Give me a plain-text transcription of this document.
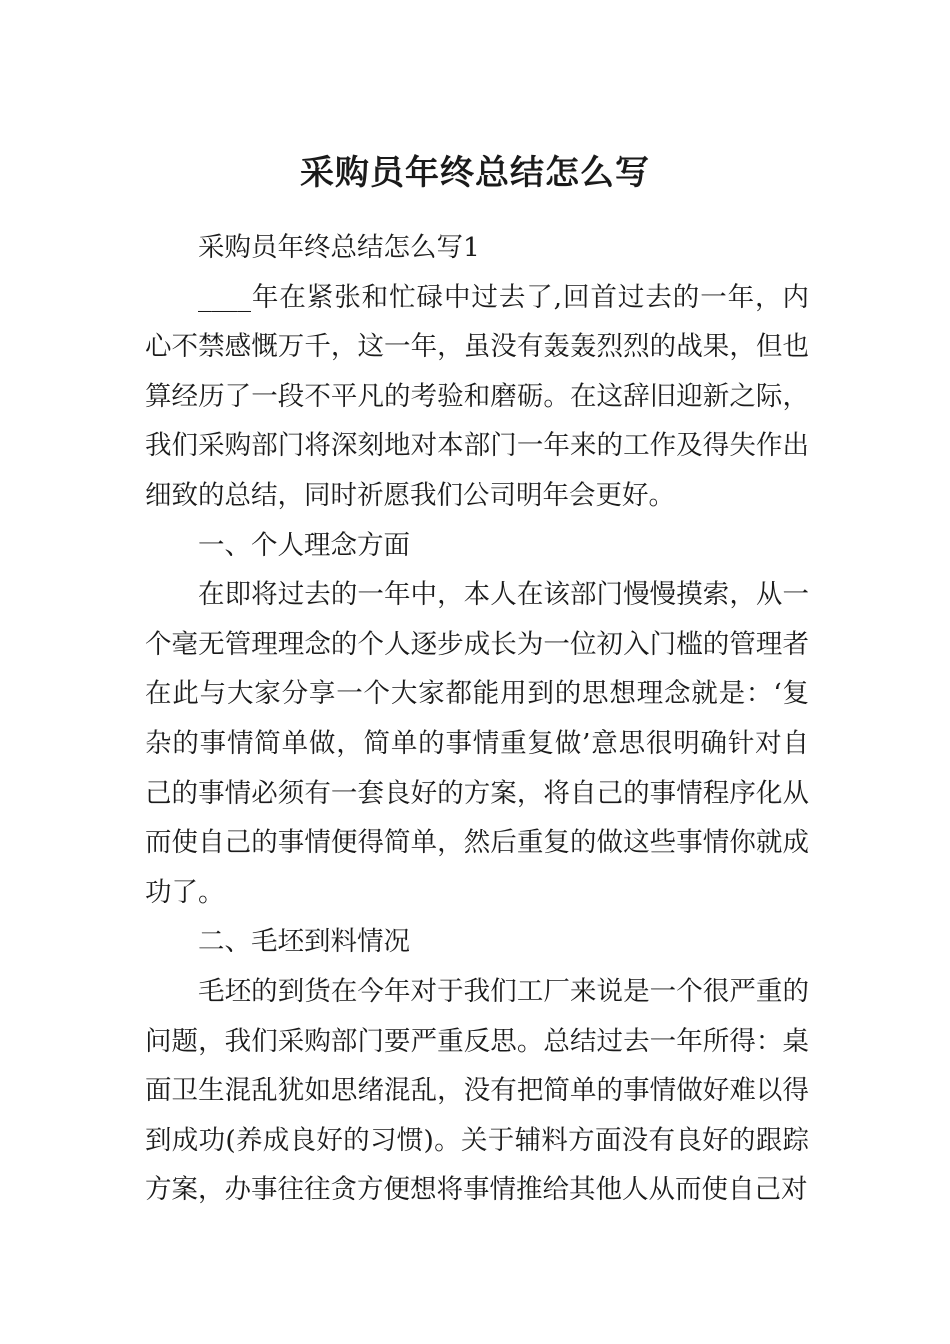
采购员年终总结怎么写

采购员年终总结怎么写1

____年在紧张和忙碌中过去了,回首过去的一年，内心不禁感慨万千，这一年，虽没有轰轰烈烈的战果，但也算经历了一段不平凡的考验和磨砺。在这辞旧迎新之际，我们采购部门将深刻地对本部门一年来的工作及得失作出细致的总结，同时祈愿我们公司明年会更好。

一、个人理念方面

在即将过去的一年中，本人在该部门慢慢摸索，从一个毫无管理理念的个人逐步成长为一位初入门槛的管理者在此与大家分享一个大家都能用到的思想理念就是：‘复杂的事情简单做，简单的事情重复做’意思很明确针对自己的事情必须有一套良好的方案，将自己的事情程序化从而使自己的事情便得简单，然后重复的做这些事情你就成功了。

二、毛坯到料情况

毛坯的到货在今年对于我们工厂来说是一个很严重的问题，我们采购部门要严重反思。总结过去一年所得：桌面卫生混乱犹如思绪混乱，没有把简单的事情做好难以得到成功(养成良好的习惯)。关于辅料方面没有良好的跟踪方案，办事往往贪方便想将事情推给其他人从而使自己对
